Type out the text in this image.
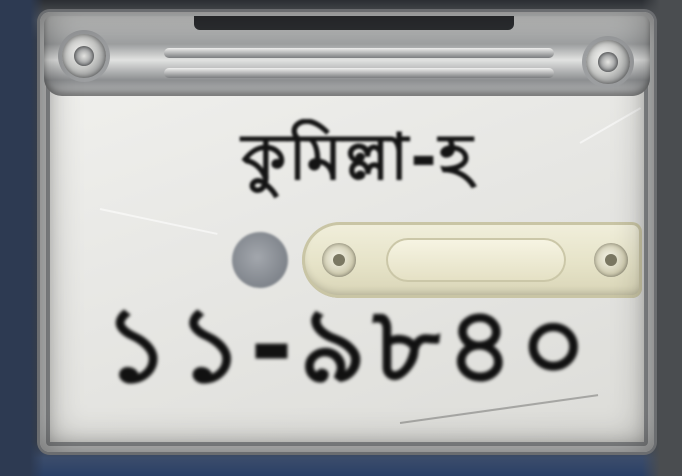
কুমিল্লা-হ
১১-৯৮৪০
